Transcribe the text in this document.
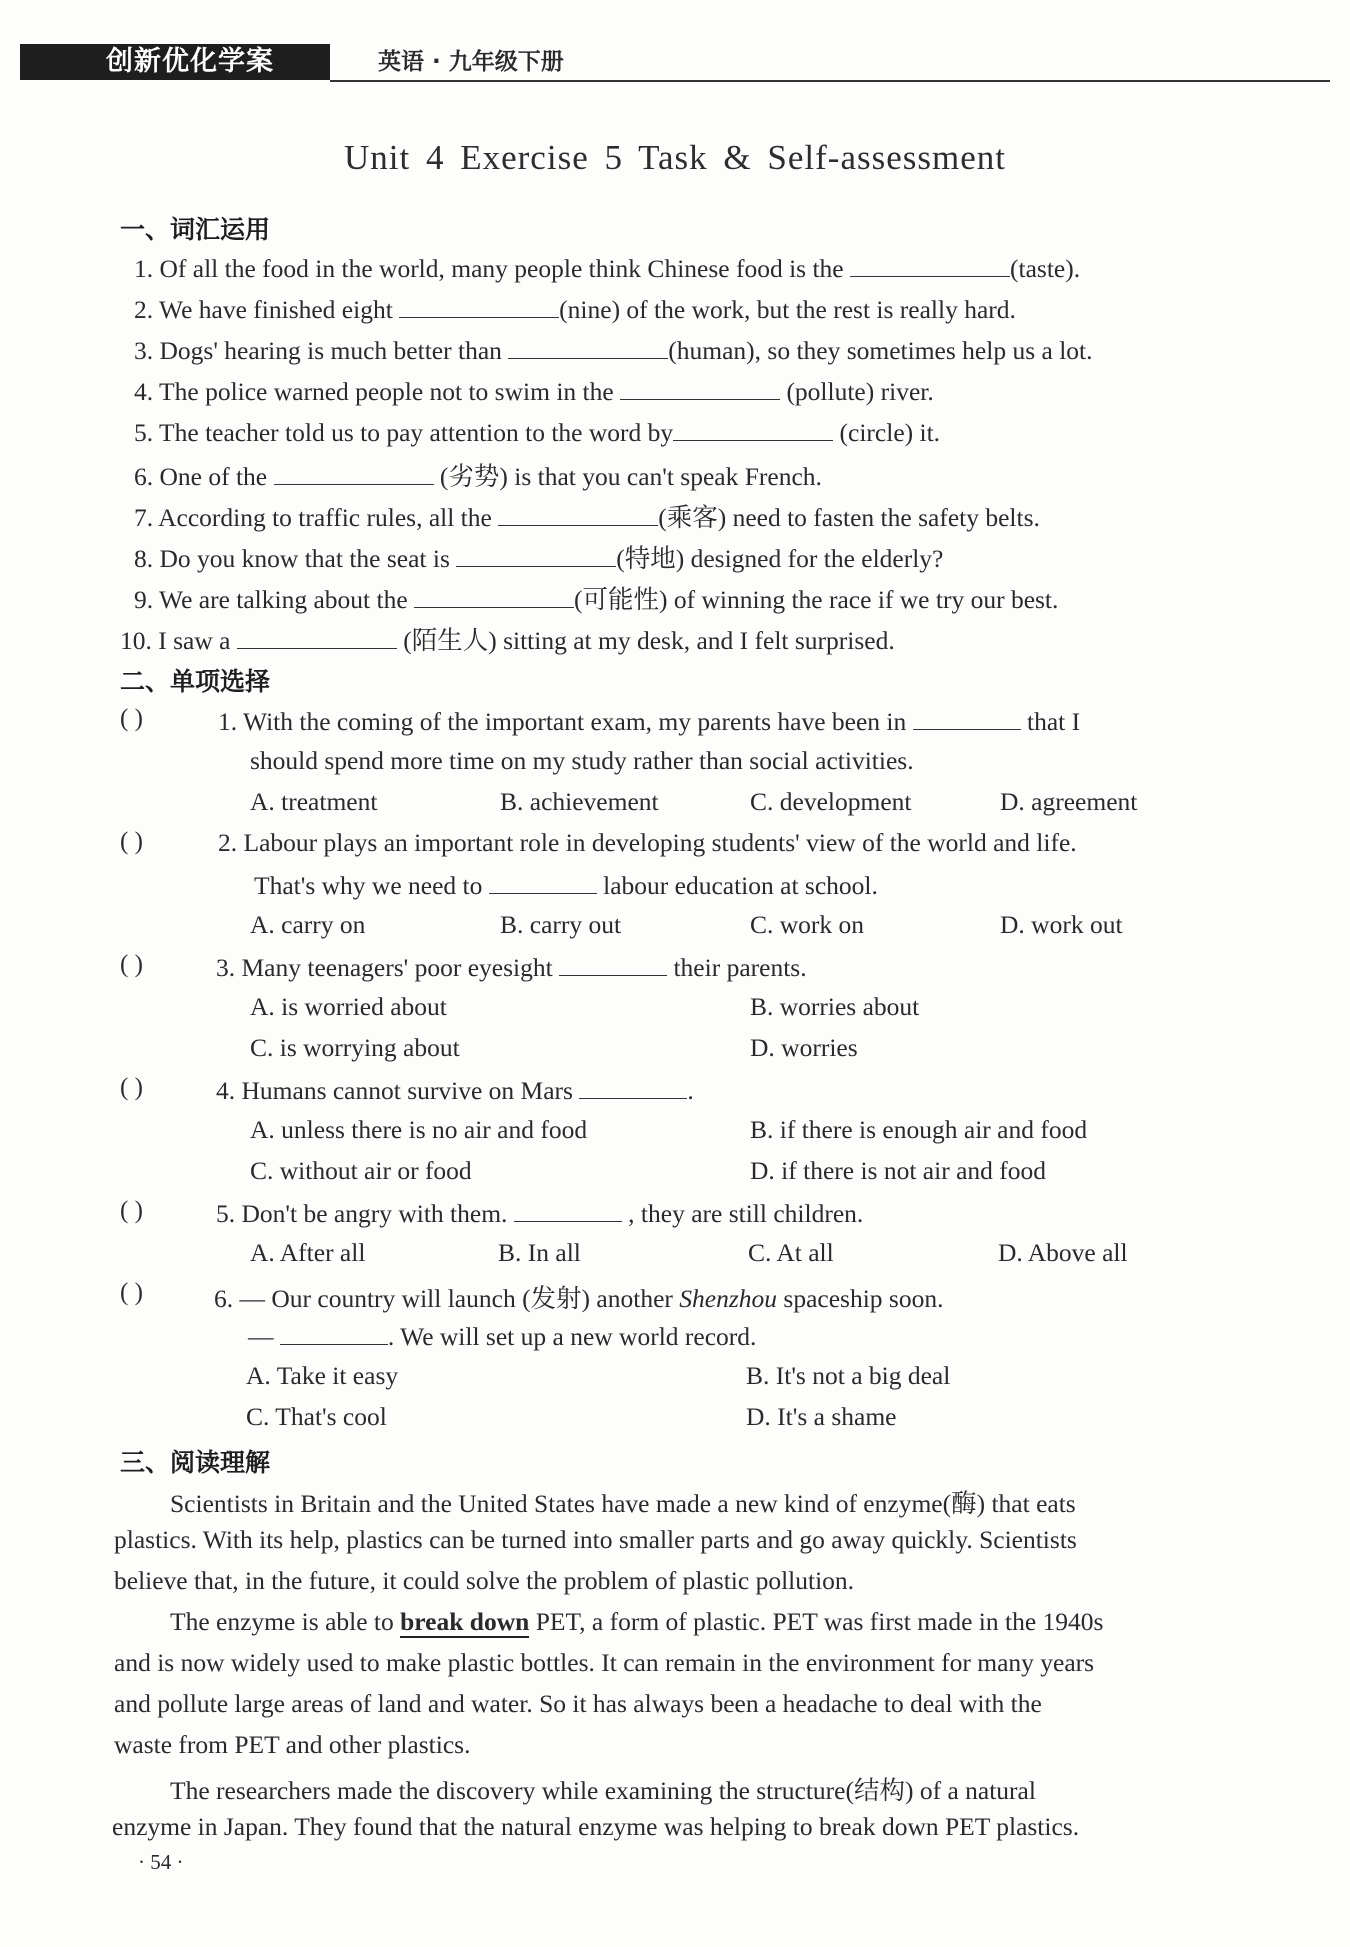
创新优化学案	英语 · 九年级下册
Unit 4 Exercise 5 Task & Self-assessment
一、词汇运用
1. Of all the food in the world, many people think Chinese food is the	(taste).
2. We have finished eight	(nine) of the work, but the rest is really hard.
3. Dogs' hearing is much better than	(human), so they sometimes help us a lot.
4. The police warned people not to swim in the	(pollute) river.
5. The teacher told us to pay attention to the word by	(circle) it.
6. One of the	(劣势) is that you can't speak French.
7. According to traffic rules, all the	(乘客) need to fasten the safety belts.
8. Do you know that the seat is	(特地) designed for the elderly?
9. We are talking about the	(可能性) of winning the race if we try our best.
10. I saw a	(陌生人) sitting at my desk, and I felt surprised.
二、单项选择
( )	1. With the coming of the important exam, my parents have been in	that I
should spend more time on my study rather than social activities.
A. treatment	B. achievement	C. development	D. agreement
( )	2. Labour plays an important role in developing students' view of the world and life.
That's why we need to	labour education at school.
A. carry on	B. carry out	C. work on	D. work out
( )	3. Many teenagers' poor eyesight	their parents.
A. is worried about	B. worries about
C. is worrying about	D. worries
( )	4. Humans cannot survive on Mars	.
A. unless there is no air and food	B. if there is enough air and food
C. without air or food	D. if there is not air and food
( )	5. Don't be angry with them.	, they are still children.
A. After all	B. In all	C. At all	D. Above all
( )	6. — Our country will launch (发射) another Shenzhou spaceship soon.
—	. We will set up a new world record.
A. Take it easy	B. It's not a big deal
C. That's cool	D. It's a shame
三、阅读理解
Scientists in Britain and the United States have made a new kind of enzyme(酶) that eats
plastics. With its help, plastics can be turned into smaller parts and go away quickly. Scientists
believe that, in the future, it could solve the problem of plastic pollution.
The enzyme is able to break down PET, a form of plastic. PET was first made in the 1940s
and is now widely used to make plastic bottles. It can remain in the environment for many years
and pollute large areas of land and water. So it has always been a headache to deal with the
waste from PET and other plastics.
The researchers made the discovery while examining the structure(结构) of a natural
enzyme in Japan. They found that the natural enzyme was helping to break down PET plastics.
· 54 ·
